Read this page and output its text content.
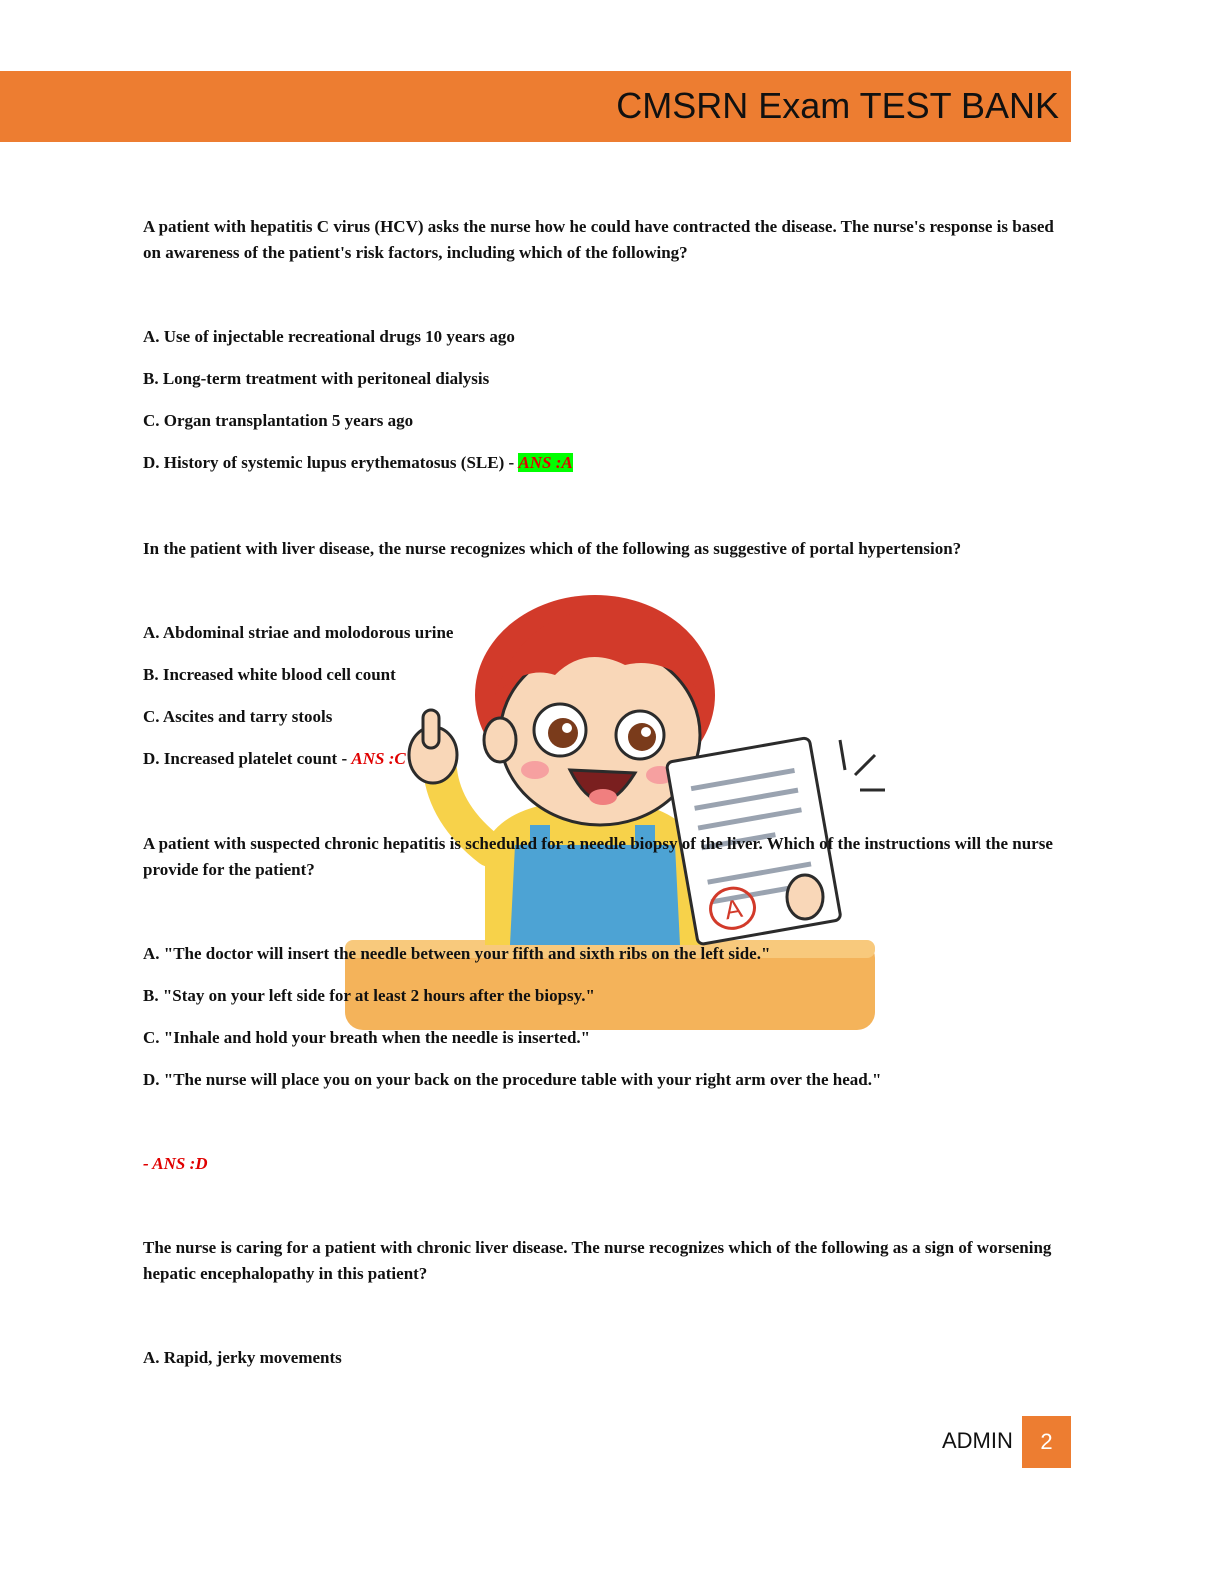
CMSRN Exam TEST BANK
A

A patient with hepatitis C virus (HCV) asks the nurse how he could have contracted the disease. The nurse's response is based on awareness of the patient's risk factors, including which of the following?

A. Use of injectable recreational drugs 10 years ago

B. Long-term treatment with peritoneal dialysis

C. Organ transplantation 5 years ago

D. History of systemic lupus erythematosus (SLE) - ANS :A

In the patient with liver disease, the nurse recognizes which of the following as suggestive of portal hypertension?

A. Abdominal striae and molodorous urine

B. Increased white blood cell count

C. Ascites and tarry stools

D. Increased platelet count - ANS :C

A patient with suspected chronic hepatitis is scheduled for a needle biopsy of the liver. Which of the instructions will the nurse provide for the patient?

A. "The doctor will insert the needle between your fifth and sixth ribs on the left side."

B. "Stay on your left side for at least 2 hours after the biopsy."

C. "Inhale and hold your breath when the needle is inserted."

D. "The nurse will place you on your back on the procedure table with your right arm over the head."

- ANS :D

The nurse is caring for a patient with chronic liver disease. The nurse recognizes which of the following as a sign of worsening hepatic encephalopathy in this patient?

A. Rapid, jerky movements

ADMIN 2
